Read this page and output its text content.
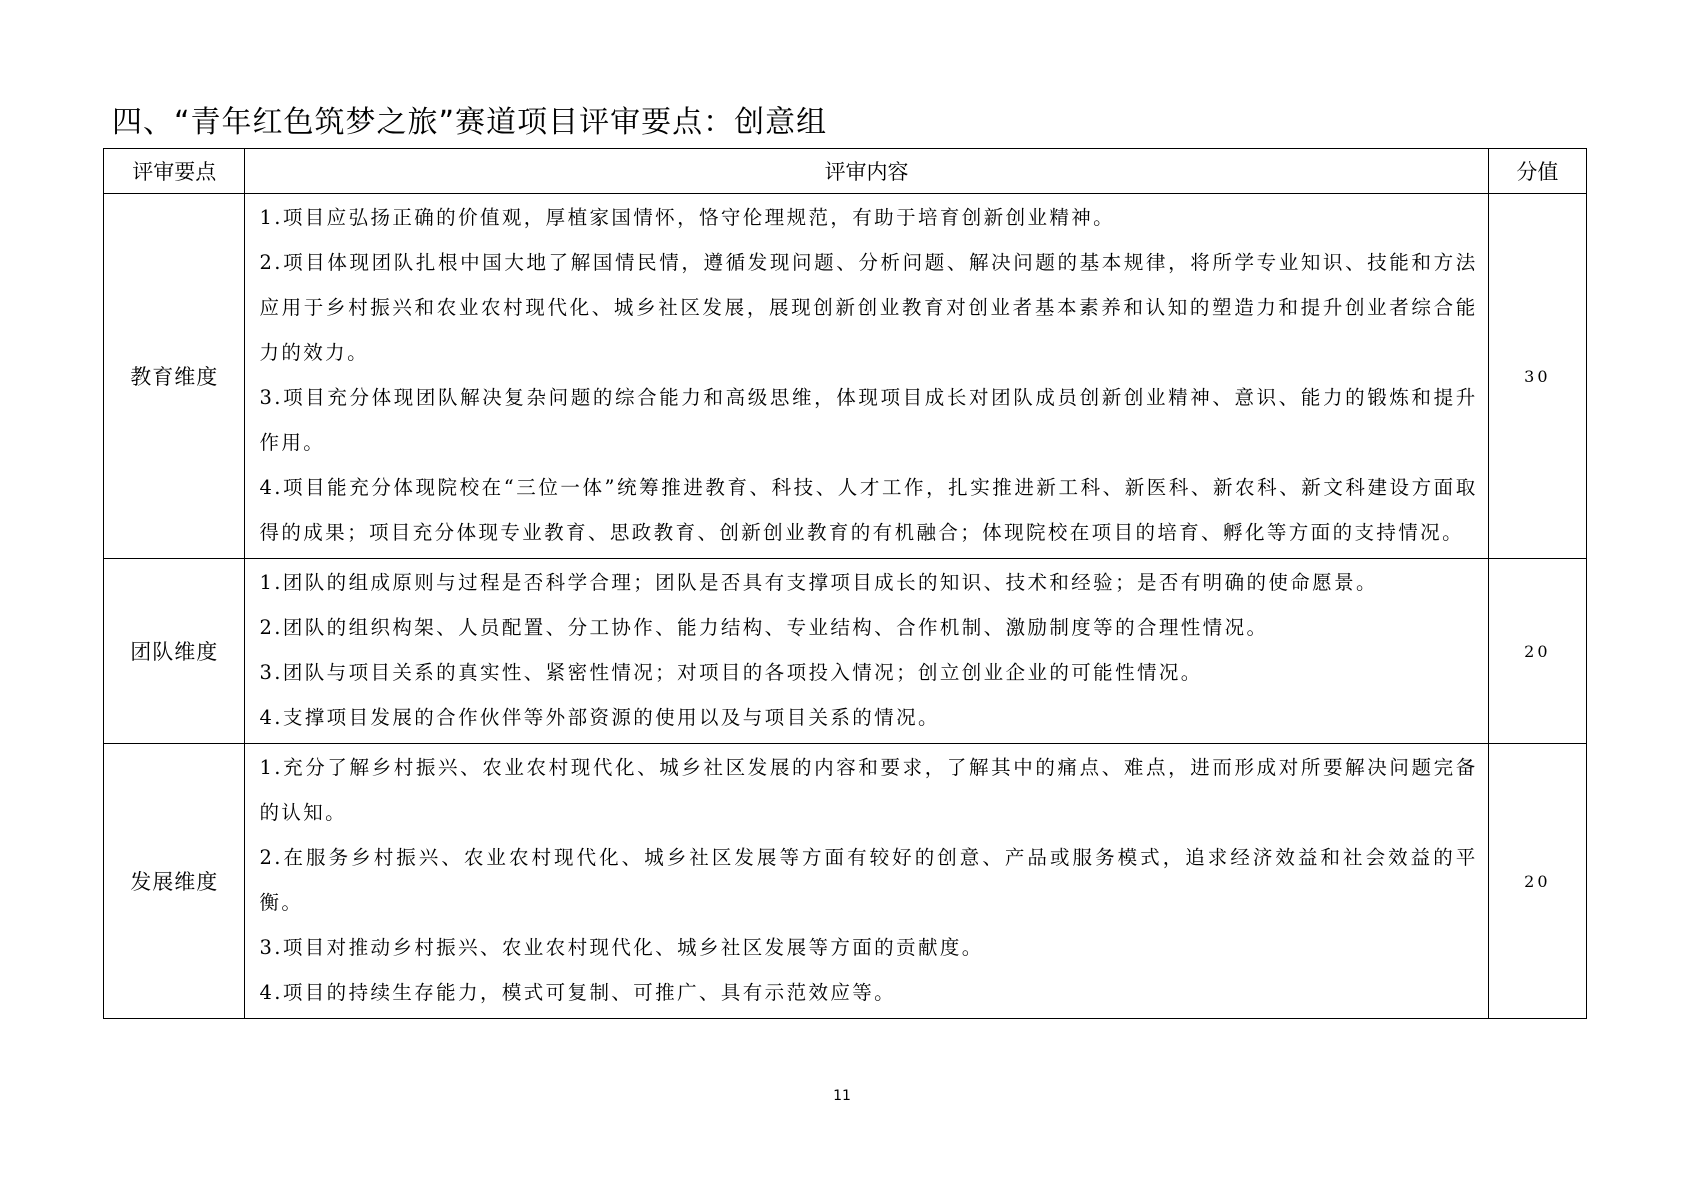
四、“青年红色筑梦之旅”赛道项目评审要点：创意组
评审要点	评审内容	分值
教育维度	1.项目应弘扬正确的价值观，厚植家国情怀，恪守伦理规范，有助于培育创新创业精神。

2.项目体现团队扎根中国大地了解国情民情，遵循发现问题、分析问题、解决问题的基本规律，将所学专业知识、技能和方法应用于乡村振兴和农业农村现代化、城乡社区发展，展现创新创业教育对创业者基本素养和认知的塑造力和提升创业者综合能力的效力。

3.项目充分体现团队解决复杂问题的综合能力和高级思维，体现项目成长对团队成员创新创业精神、意识、能力的锻炼和提升作用。

4.项目能充分体现院校在“三位一体”统筹推进教育、科技、人才工作，扎实推进新工科、新医科、新农科、新文科建设方面取得的成果；项目充分体现专业教育、思政教育、创新创业教育的有机融合；体现院校在项目的培育、孵化等方面的支持情况。	30
团队维度	1.团队的组成原则与过程是否科学合理；团队是否具有支撑项目成长的知识、技术和经验；是否有明确的使命愿景。

2.团队的组织构架、人员配置、分工协作、能力结构、专业结构、合作机制、激励制度等的合理性情况。

3.团队与项目关系的真实性、紧密性情况；对项目的各项投入情况；创立创业企业的可能性情况。

4.支撑项目发展的合作伙伴等外部资源的使用以及与项目关系的情况。	20
发展维度	1.充分了解乡村振兴、农业农村现代化、城乡社区发展的内容和要求，了解其中的痛点、难点，进而形成对所要解决问题完备的认知。

2.在服务乡村振兴、农业农村现代化、城乡社区发展等方面有较好的创意、产品或服务模式，追求经济效益和社会效益的平衡。

3.项目对推动乡村振兴、农业农村现代化、城乡社区发展等方面的贡献度。

4.项目的持续生存能力，模式可复制、可推广、具有示范效应等。	20
11
